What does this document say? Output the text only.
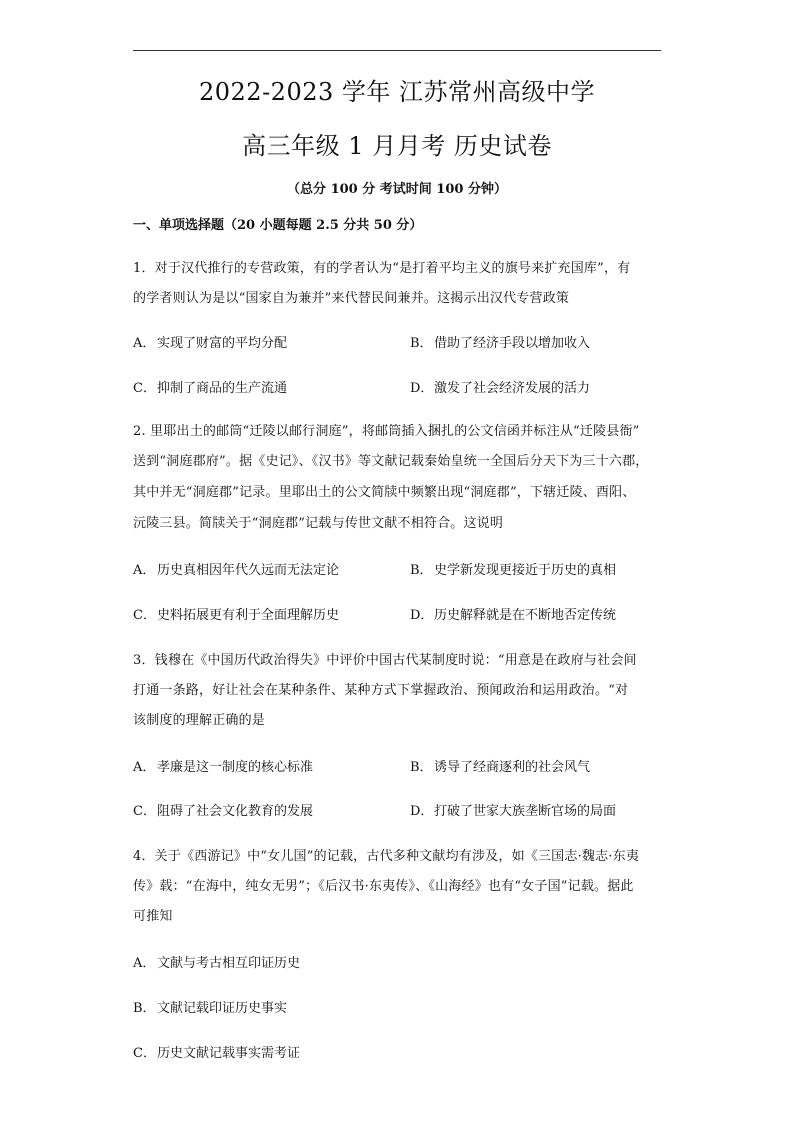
2022-2023 学年 江苏常州高级中学
高三年级 1 月月考 历史试卷
（总分 100 分 考试时间 100 分钟）
一、单项选择题（20 小题每题 2.5 分共 50 分）
1．对于汉代推行的专营政策，有的学者认为“是打着平均主义的旗号来扩充国库”，有
的学者则认为是以“国家自为兼并”来代替民间兼并。这揭示出汉代专营政策
A． 实现了财富的平均分配	B．借助了经济手段以增加收入
C．抑制了商品的生产流通	D．激发了社会经济发展的活力
2. 里耶出土的邮筒“迁陵以邮行洞庭”，将邮筒插入捆扎的公文信函并标注从“迁陵县衙”
送到“洞庭郡府”。据《史记》、《汉书》等文献记载秦始皇统一全国后分天下为三十六郡，
其中并无“洞庭郡”记录。里耶出土的公文简牍中频繁出现“洞庭郡”，下辖迁陵、酉阳、
沅陵三县。简牍关于“洞庭郡”记载与传世文献不相符合。这说明
A． 历史真相因年代久远而无法定论	B．史学新发现更接近于历史的真相
C．史料拓展更有利于全面理解历史	D．历史解释就是在不断地否定传统
3．钱穆在《中国历代政治得失》中评价中国古代某制度时说：“用意是在政府与社会间
打通一条路，好让社会在某种条件、某种方式下掌握政治、预闻政治和运用政治。“对
该制度的理解正确的是
A． 孝廉是这一制度的核心标准	B．诱导了经商逐利的社会风气
C．阻碍了社会文化教育的发展	D．打破了世家大族垄断官场的局面
4．关于《西游记》中“女儿国”的记载，古代多种文献均有涉及，如《三国志·魏志·东夷
传》载：“在海中，纯女无男”；《后汉书·东夷传》、《山海经》也有“女子国”记载。据此
可推知
A． 文献与考古相互印证历史
B．文献记载印证历史事实
C．历史文献记载事实需考证
